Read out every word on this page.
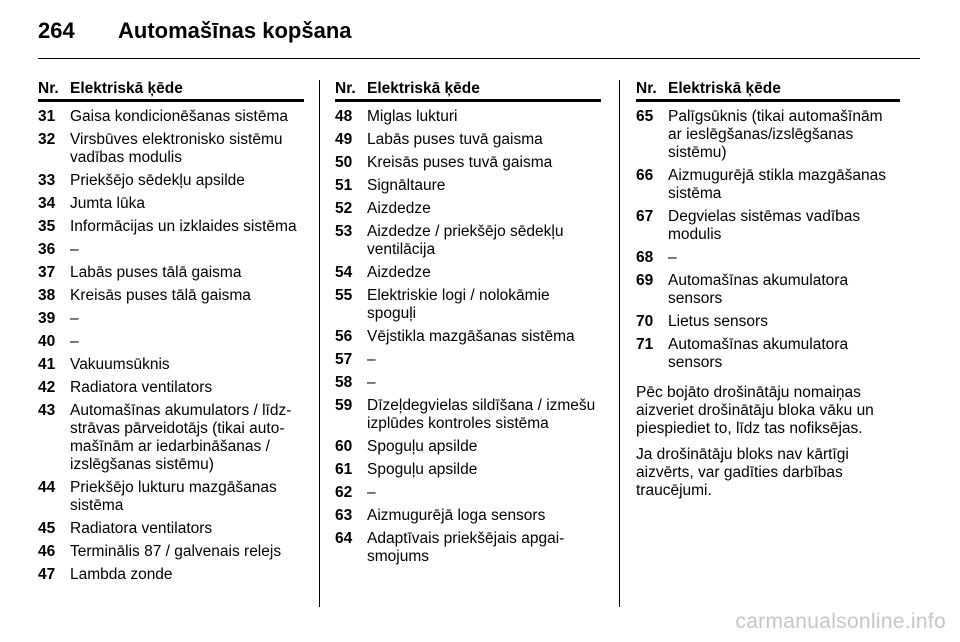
264 Automašīnas kopšana
Nr. Elektriskā ķēde
31 Gaisa kondicionēšanas sistēma
32 Virsbūves elektronisko sistēmu vadības modulis
33 Priekšējo sēdekļu apsilde
34 Jumta lūka
35 Informācijas un izklaides sistēma
36 –
37 Labās puses tālā gaisma
38 Kreisās puses tālā gaisma
39 –
40 –
41 Vakuumsūknis
42 Radiatora ventilators
43 Automašīnas akumulators / līdz-strāvas pārveidotājs (tikai auto-mašīnām ar iedarbināšanas / izslēgšanas sistēmu)
44 Priekšējo lukturu mazgāšanas sistēma
45 Radiatora ventilators
46 Terminālis 87 / galvenais relejs
47 Lambda zonde
Nr. Elektriskā ķēde
48 Miglas lukturi
49 Labās puses tuvā gaisma
50 Kreisās puses tuvā gaisma
51 Signāltaure
52 Aizdedze
53 Aizdedze / priekšējo sēdekļu ventilācija
54 Aizdedze
55 Elektriskie logi / nolokāmie spoguļi
56 Vējstikla mazgāšanas sistēma
57 –
58 –
59 Dīzeļdegvielas sildīšana / izmešu izplūdes kontroles sistēma
60 Spoguļu apsilde
61 Spoguļu apsilde
62 –
63 Aizmugurējā loga sensors
64 Adaptīvais priekšējais apgai-smojums
Nr. Elektriskā ķēde
65 Palīgsūknis (tikai automašīnām ar ieslēgšanas/izslēgšanas sistēmu)
66 Aizmugurējā stikla mazgāšanas sistēma
67 Degvielas sistēmas vadības modulis
68 –
69 Automašīnas akumulatora sensors
70 Lietus sensors
71 Automašīnas akumulatora sensors

Pēc bojāto drošinātāju nomaiņas aizveriet drošinātāju bloka vāku un piespiediet to, līdz tas nofiksējas.

Ja drošinātāju bloks nav kārtīgi aizvērts, var gadīties darbības traucējumi.

carmanualsonline.info
